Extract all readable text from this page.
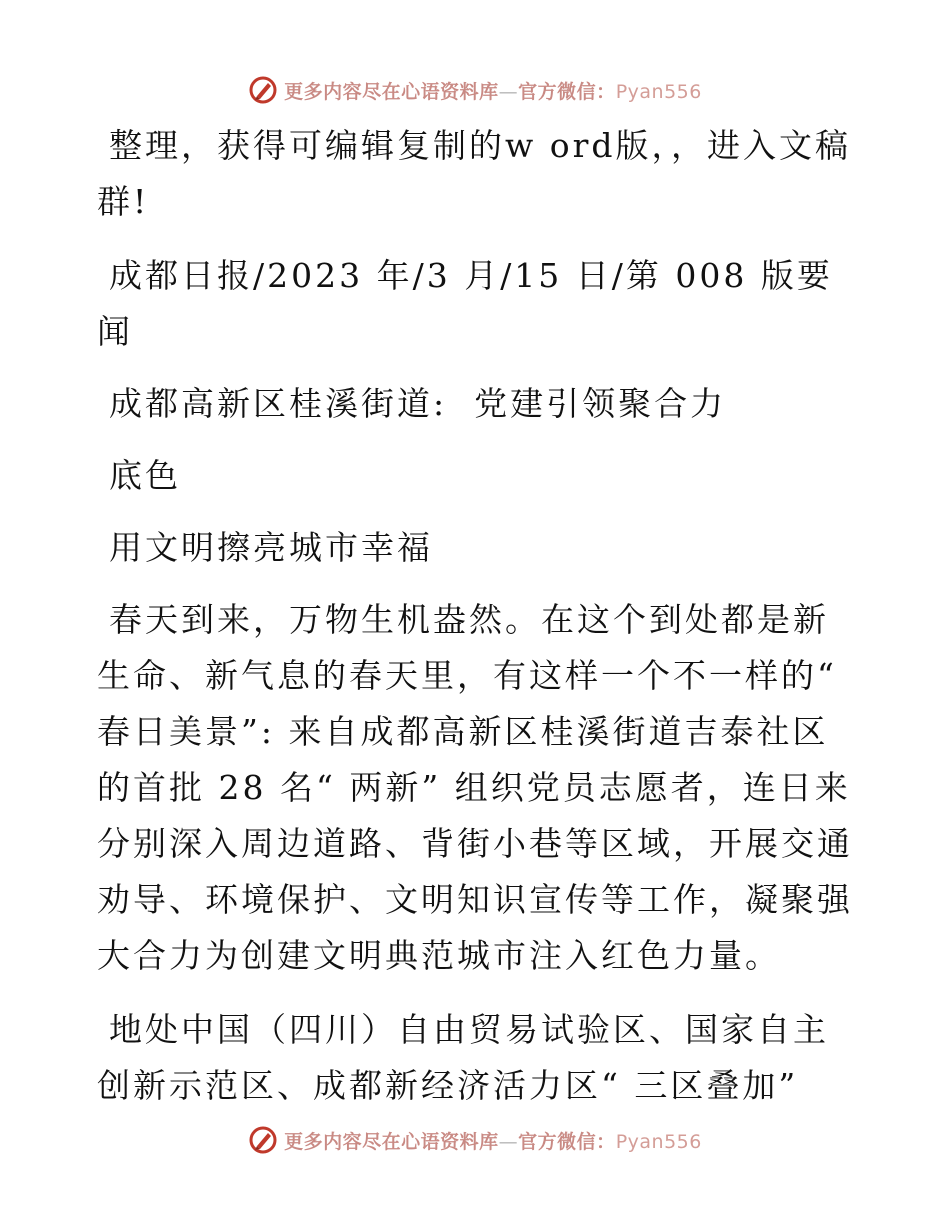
更多内容尽在心语资料库—官方微信：Pyan556

整理，获得可编辑复制的w ord版，，进入文稿群!

成都日报/2023 年/3 月/15 日/第 008 版要闻

成都高新区桂溪街道:  党建引领聚合力

底色

用文明擦亮城市幸福

春天到来，万物生机盎然。在这个到处都是新生命、新气息的春天里，有这样一个不一样的“ 春日美景”: 来自成都高新区桂溪街道吉泰社区的首批 28 名“ 两新” 组织党员志愿者，连日来分别深入周边道路、背街小巷等区域，开展交通劝导、环境保护、文明知识宣传等工作，凝聚强大合力为创建文明典范城市注入红色力量。

地处中国（四川）自由贸易试验区、国家自主创新示范区、成都新经济活力区“ 三区叠加”

更多内容尽在心语资料库—官方微信：Pyan556
